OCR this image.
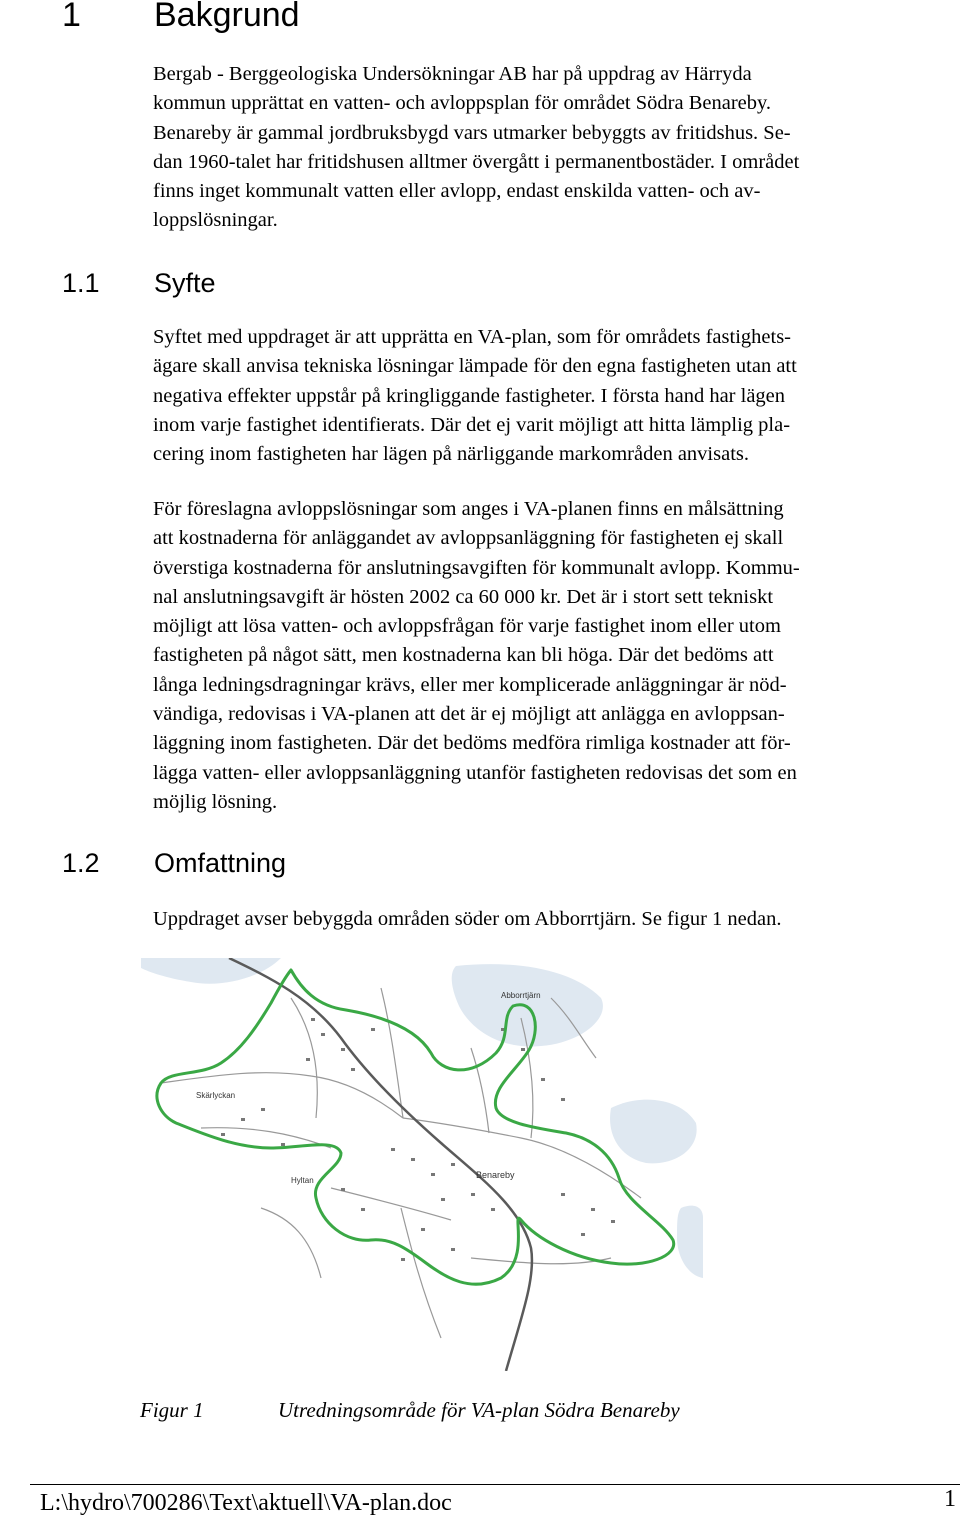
1 Bakgrund

Bergab - Berggeologiska Undersökningar AB har på uppdrag av Härryda
kommun upprättat en vatten- och avloppsplan för området Södra Benareby.
Benareby är gammal jordbruksbygd vars utmarker bebyggts av fritidshus. Se-
dan 1960-talet har fritidshusen alltmer övergått i permanentbostäder. I området
finns inget kommunalt vatten eller avlopp, endast enskilda vatten- och av-
loppslösningar.

1.1 Syfte

Syftet med uppdraget är att upprätta en VA-plan, som för områdets fastighets-
ägare skall anvisa tekniska lösningar lämpade för den egna fastigheten utan att
negativa effekter uppstår på kringliggande fastigheter. I första hand har lägen
inom varje fastighet identifierats. Där det ej varit möjligt att hitta lämplig pla-
cering inom fastigheten har lägen på närliggande markområden anvisats.

För föreslagna avloppslösningar som anges i VA-planen finns en målsättning
att kostnaderna för anläggandet av avloppsanläggning för fastigheten ej skall
överstiga kostnaderna för anslutningsavgiften för kommunalt avlopp. Kommu-
nal anslutningsavgift är hösten 2002 ca 60 000 kr. Det är i stort sett tekniskt
möjligt att lösa vatten- och avloppsfrågan för varje fastighet inom eller utom
fastigheten på något sätt, men kostnaderna kan bli höga. Där det bedöms att
långa ledningsdragningar krävs, eller mer komplicerade anläggningar är nöd-
vändiga, redovisas i VA-planen att det är ej möjligt att anlägga en avloppsan-
läggning inom fastigheten. Där det bedöms medföra rimliga kostnader att för-
lägga vatten- eller avloppsanläggning utanför fastigheten redovisas det som en
möjlig lösning.

1.2 Omfattning

Uppdraget avser bebyggda områden söder om Abborrtjärn. Se figur 1 nedan.

Benareby
Hyltan
Skärlyckan
Abborrtjärn
Figur 1	Utredningsområde för VA-plan Södra Benareby
L:\hydro\700286\Text\aktuell\VA-plan.doc	1
